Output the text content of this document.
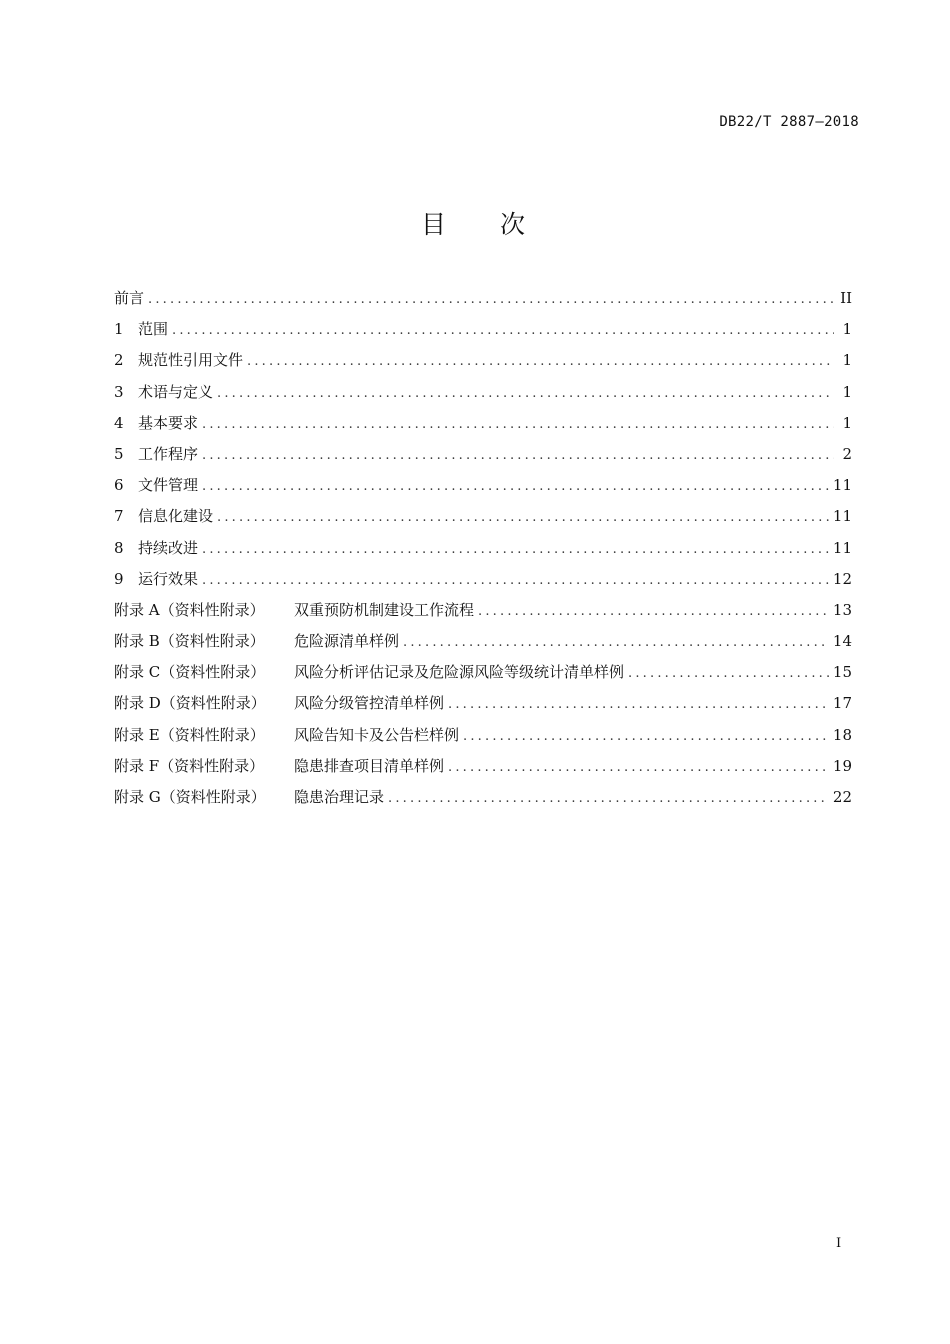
DB22/T 2887—2018
目 次
前言 .....	II
1 范围 .....	1
2 规范性引用文件 .....	1
3 术语与定义 .....	1
4 基本要求 .....	1
5 工作程序 .....	2
6 文件管理 .....	11
7 信息化建设 .....	11
8 持续改进 .....	11
9 运行效果 .....	12
附录 A（资料性附录） 双重预防机制建设工作流程 .....	13
附录 B（资料性附录） 危险源清单样例 .....	14
附录 C（资料性附录） 风险分析评估记录及危险源风险等级统计清单样例 .....	15
附录 D（资料性附录） 风险分级管控清单样例 .....	17
附录 E（资料性附录） 风险告知卡及公告栏样例 .....	18
附录 F（资料性附录） 隐患排查项目清单样例 .....	19
附录 G（资料性附录） 隐患治理记录 .....	22
I
